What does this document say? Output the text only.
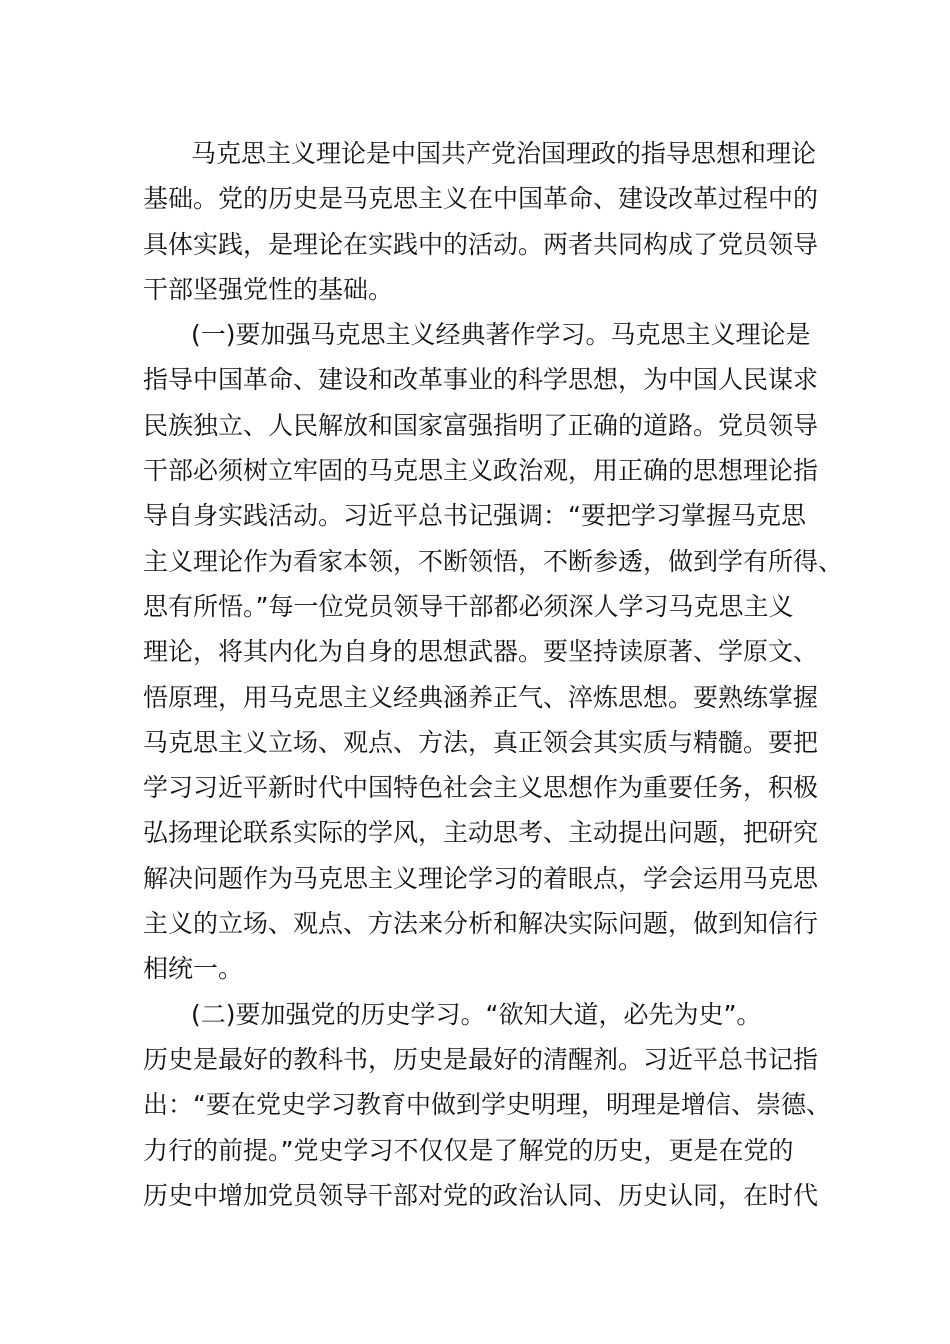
马克思主义理论是中国共产党治国理政的指导思想和理论
基础。党的历史是马克思主义在中国革命、建设改革过程中的
具体实践，是理论在实践中的活动。两者共同构成了党员领导
干部坚强党性的基础。
(一)要加强马克思主义经典著作学习。马克思主义理论是
指导中国革命、建设和改革事业的科学思想，为中国人民谋求
民族独立、人民解放和国家富强指明了正确的道路。党员领导
干部必须树立牢固的马克思主义政治观，用正确的思想理论指
导自身实践活动。习近平总书记强调：“要把学习掌握马克思
主义理论作为看家本领，不断领悟，不断参透，做到学有所得、
思有所悟。”每一位党员领导干部都必须深人学习马克思主义
理论，将其内化为自身的思想武器。要坚持读原著、学原文、
悟原理，用马克思主义经典涵养正气、淬炼思想。要熟练掌握
马克思主义立场、观点、方法，真正领会其实质与精髓。要把
学习习近平新时代中国特色社会主义思想作为重要任务，积极
弘扬理论联系实际的学风，主动思考、主动提出问题，把研究
解决问题作为马克思主义理论学习的着眼点，学会运用马克思
主义的立场、观点、方法来分析和解决实际问题，做到知信行
相统一。
(二)要加强党的历史学习。“欲知大道，必先为史”。
历史是最好的教科书，历史是最好的清醒剂。习近平总书记指
出：“要在党史学习教育中做到学史明理，明理是增信、崇德、
力行的前提。”党史学习不仅仅是了解党的历史，更是在党的
历史中增加党员领导干部对党的政治认同、历史认同，在时代
